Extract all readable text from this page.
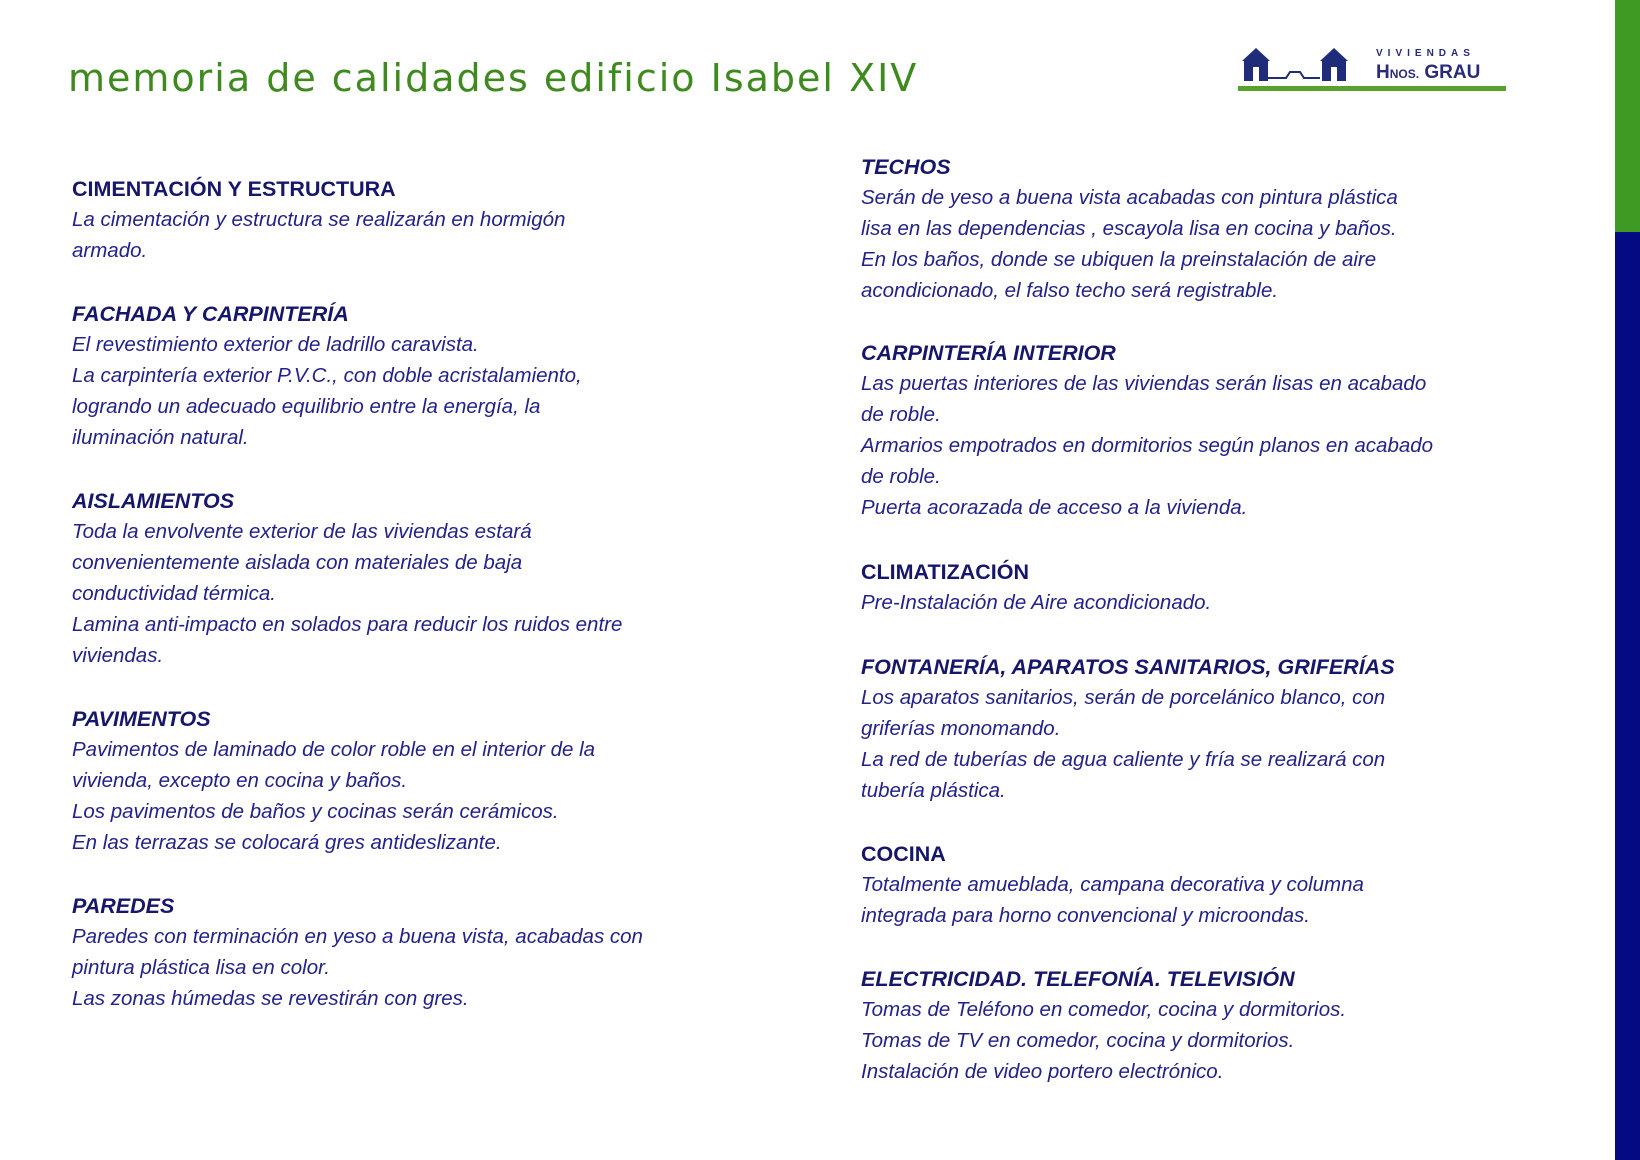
memoria de calidades edificio Isabel XIV
VIVIENDAS
HNOS. GRAU
CIMENTACIÓN Y ESTRUCTURA
La cimentación y estructura se realizarán en hormigón
armado.
FACHADA Y CARPINTERÍA
El revestimiento exterior de ladrillo caravista.
La carpintería exterior P.V.C., con doble acristalamiento,
logrando un adecuado equilibrio entre la energía, la
iluminación natural.
AISLAMIENTOS
Toda la envolvente exterior de las viviendas estará
convenientemente aislada con materiales de baja
conductividad térmica.
Lamina anti-impacto en solados para reducir los ruidos entre
viviendas.
PAVIMENTOS
Pavimentos de laminado de color roble en el interior de la
vivienda, excepto en cocina y baños.
Los pavimentos de baños y cocinas serán cerámicos.
En las terrazas se colocará gres antideslizante.
PAREDES
Paredes con terminación en yeso a buena vista, acabadas con
pintura plástica lisa en color.
Las zonas húmedas se revestirán con gres.
TECHOS
Serán de yeso a buena vista acabadas con pintura plástica
lisa en las dependencias , escayola lisa en cocina y baños.
En los baños, donde se ubiquen la preinstalación de aire
acondicionado, el falso techo será registrable.
CARPINTERÍA INTERIOR
Las puertas interiores de las viviendas serán lisas en acabado
de roble.
Armarios empotrados en dormitorios según planos en acabado
de roble.
Puerta acorazada de acceso a la vivienda.
CLIMATIZACIÓN
Pre-Instalación de Aire acondicionado.
FONTANERÍA, APARATOS SANITARIOS, GRIFERÍAS
Los aparatos sanitarios, serán de porcelánico blanco, con
griferías monomando.
La red de tuberías de agua caliente y fría se realizará con
tubería plástica.
COCINA
Totalmente amueblada, campana decorativa y columna
integrada para horno convencional y microondas.
ELECTRICIDAD. TELEFONÍA. TELEVISIÓN
Tomas de Teléfono en comedor, cocina y dormitorios.
Tomas de TV en comedor, cocina y dormitorios.
Instalación de video portero electrónico.
